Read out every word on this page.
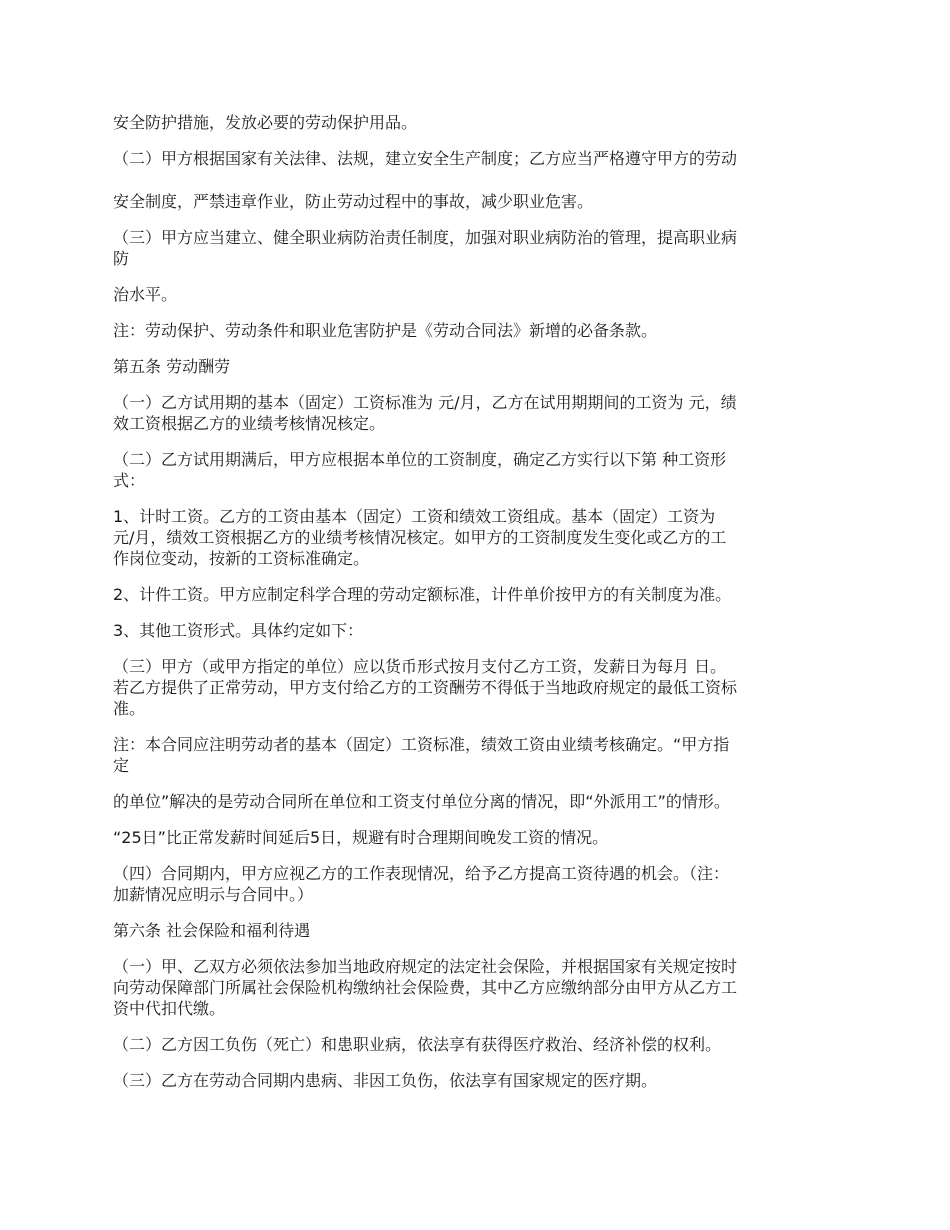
安全防护措施，发放必要的劳动保护用品。

（二）甲方根据国家有关法律、法规，建立安全生产制度；乙方应当严格遵守甲方的劳动

安全制度，严禁违章作业，防止劳动过程中的事故，减少职业危害。

（三）甲方应当建立、健全职业病防治责任制度，加强对职业病防治的管理，提高职业病
防

治水平。

注：劳动保护、劳动条件和职业危害防护是《劳动合同法》新增的必备条款。

第五条 劳动酬劳

（一）乙方试用期的基本（固定）工资标准为 元/月，乙方在试用期期间的工资为 元，绩
效工资根据乙方的业绩考核情况核定。

（二）乙方试用期满后，甲方应根据本单位的工资制度，确定乙方实行以下第 种工资形
式：

1、计时工资。乙方的工资由基本（固定）工资和绩效工资组成。基本（固定）工资为
元/月，绩效工资根据乙方的业绩考核情况核定。如甲方的工资制度发生变化或乙方的工
作岗位变动，按新的工资标准确定。

2、计件工资。甲方应制定科学合理的劳动定额标准，计件单价按甲方的有关制度为准。

3、其他工资形式。具体约定如下：

（三）甲方（或甲方指定的单位）应以货币形式按月支付乙方工资，发薪日为每月 日。
若乙方提供了正常劳动，甲方支付给乙方的工资酬劳不得低于当地政府规定的最低工资标
准。

注：本合同应注明劳动者的基本（固定）工资标准，绩效工资由业绩考核确定。“甲方指
定

的单位”解决的是劳动合同所在单位和工资支付单位分离的情况，即“外派用工”的情形。

“25日”比正常发薪时间延后5日，规避有时合理期间晚发工资的情况。

（四）合同期内，甲方应视乙方的工作表现情况，给予乙方提高工资待遇的机会。（注：
加薪情况应明示与合同中。）

第六条 社会保险和福利待遇

（一）甲、乙双方必须依法参加当地政府规定的法定社会保险，并根据国家有关规定按时
向劳动保障部门所属社会保险机构缴纳社会保险费，其中乙方应缴纳部分由甲方从乙方工
资中代扣代缴。

（二）乙方因工负伤（死亡）和患职业病，依法享有获得医疗救治、经济补偿的权利。

（三）乙方在劳动合同期内患病、非因工负伤，依法享有国家规定的医疗期。
